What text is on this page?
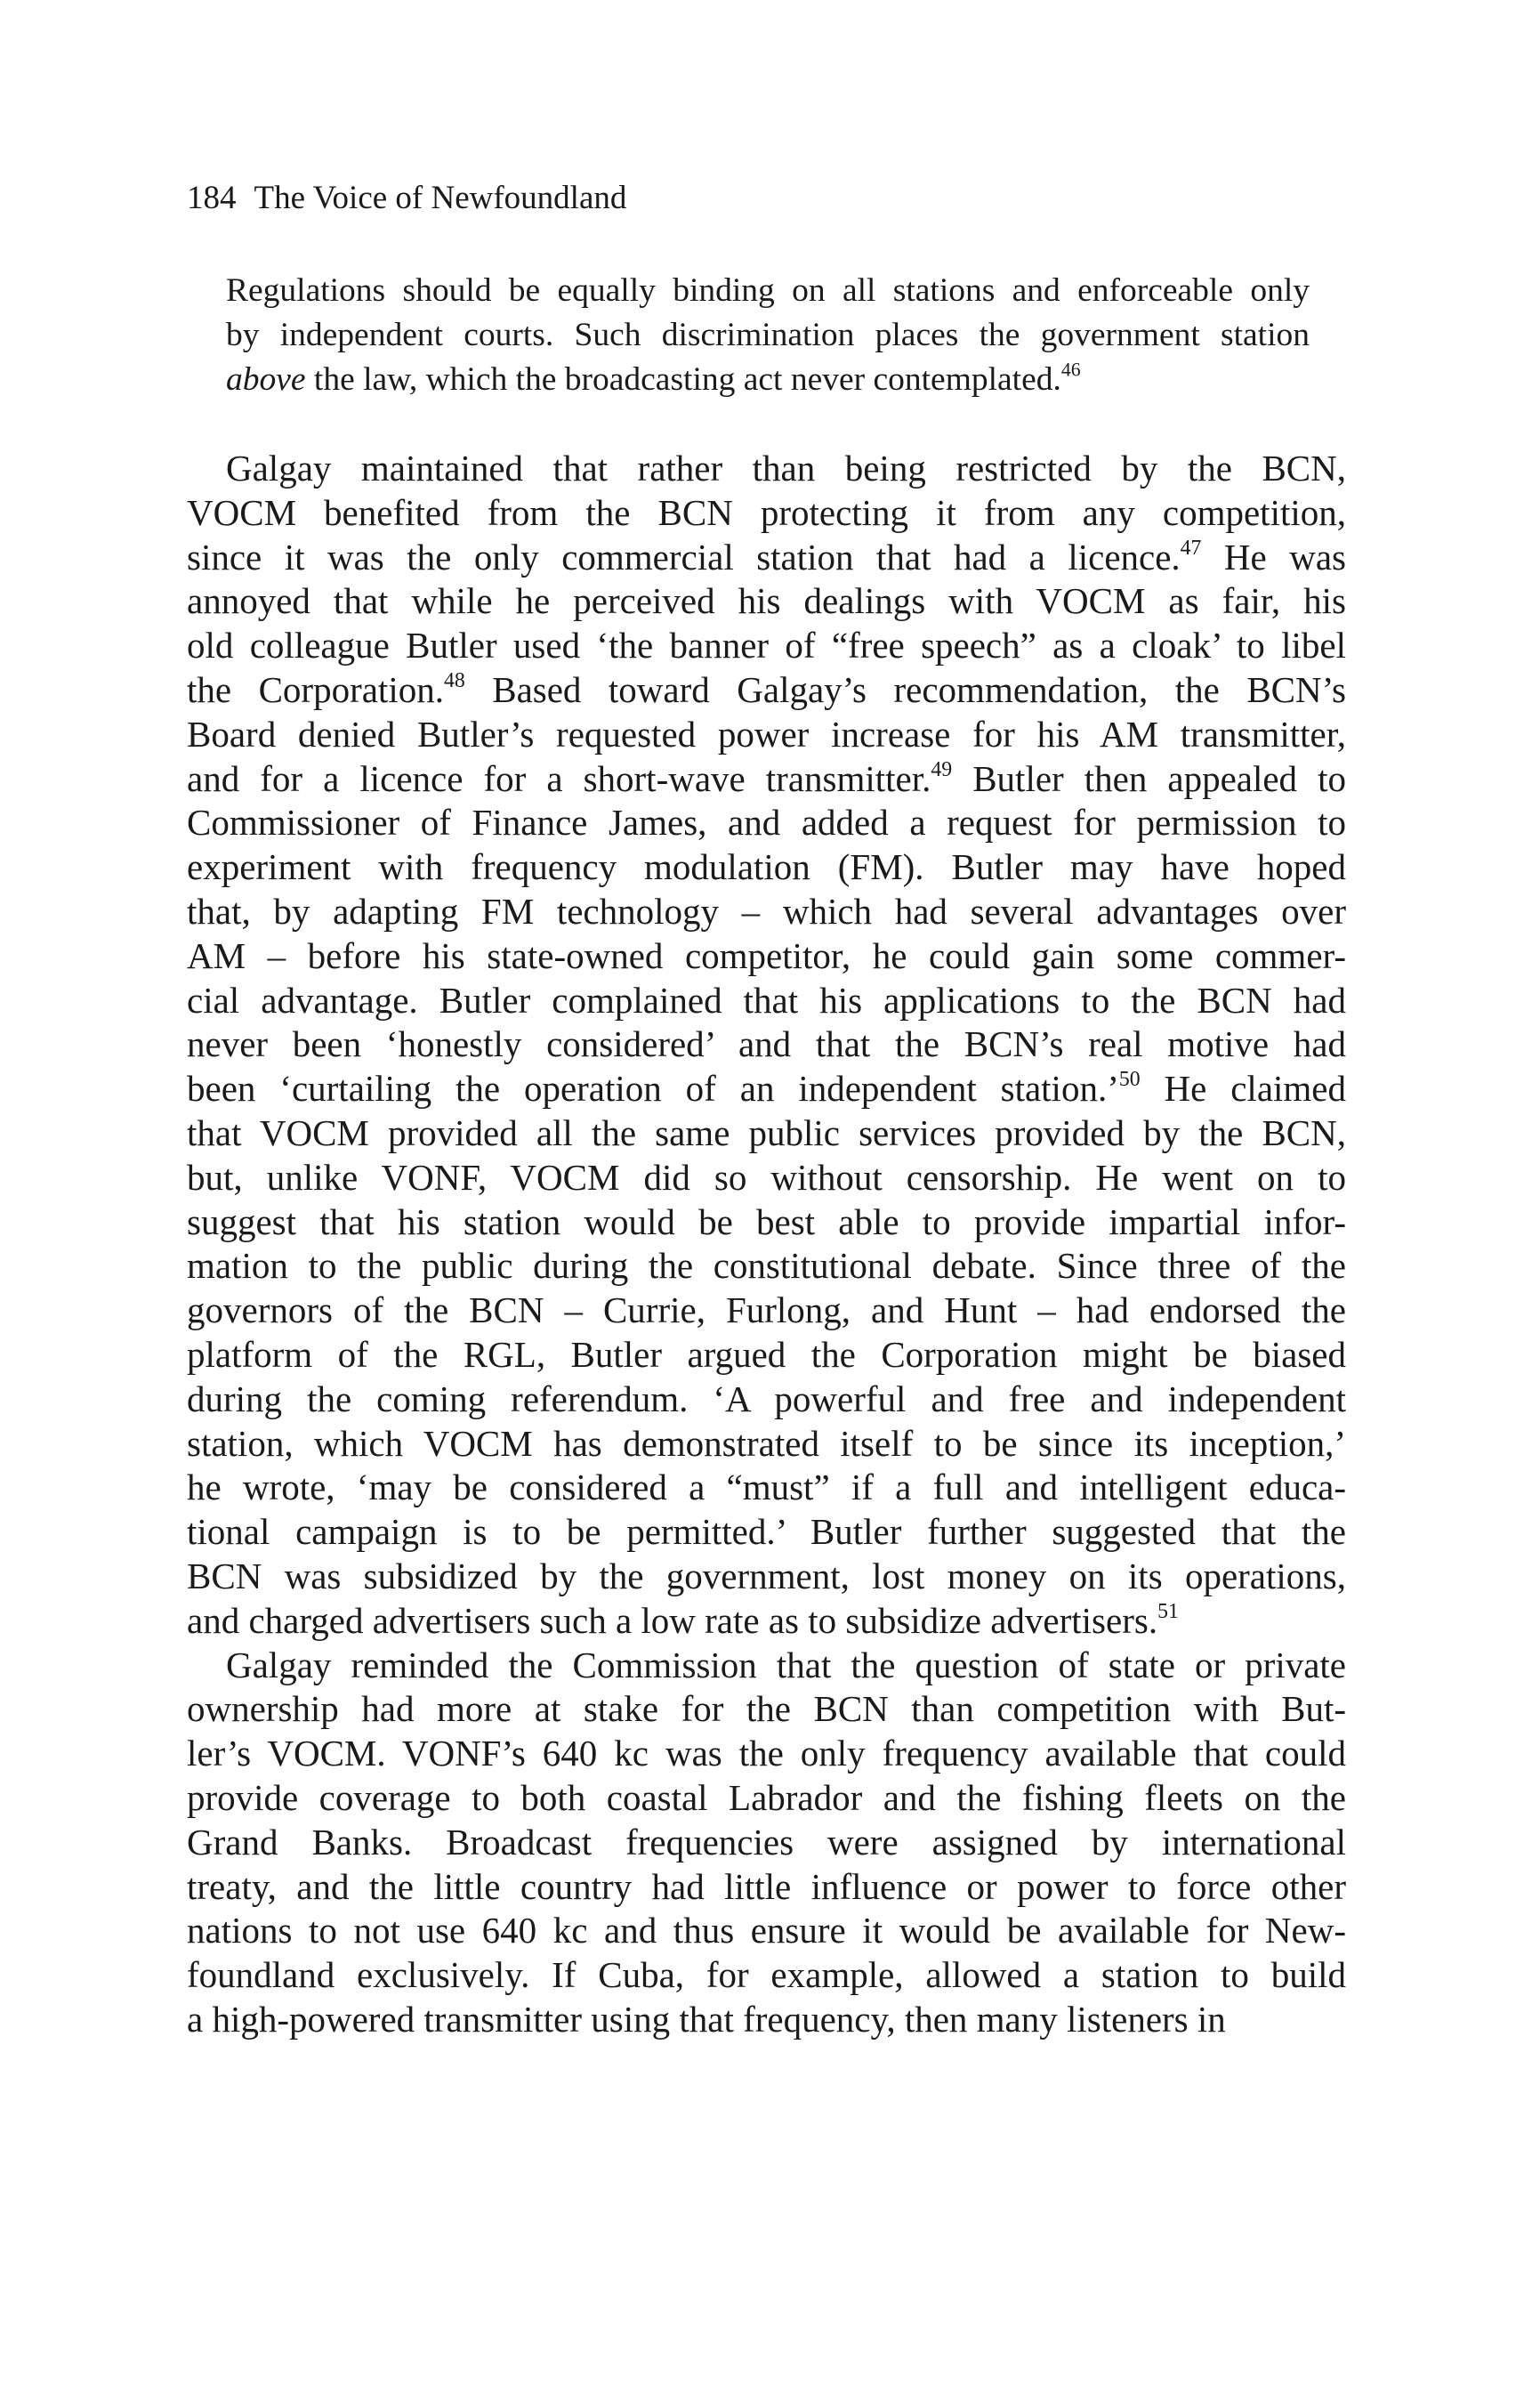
184 The Voice of Newfoundland
Regulations should be equally binding on all stations and enforceable only
by independent courts. Such discrimination places the government station
above the law, which the broadcasting act never contemplated.$^{46}$
Galgay maintained that rather than being restricted by the BCN,
VOCM benefited from the BCN protecting it from any competition,
since it was the only commercial station that had a licence.$^{47}$ He was
annoyed that while he perceived his dealings with VOCM as fair, his
old colleague Butler used ‘the banner of “free speech” as a cloak’ to libel
the Corporation.$^{48}$ Based toward Galgay’s recommendation, the BCN’s
Board denied Butler’s requested power increase for his AM transmitter,
and for a licence for a short-wave transmitter.$^{49}$ Butler then appealed to
Commissioner of Finance James, and added a request for permission to
experiment with frequency modulation (FM). Butler may have hoped
that, by adapting FM technology – which had several advantages over
AM – before his state-owned competitor, he could gain some commer-
cial advantage. Butler complained that his applications to the BCN had
never been ‘honestly considered’ and that the BCN’s real motive had
been ‘curtailing the operation of an independent station.’$^{50}$ He claimed
that VOCM provided all the same public services provided by the BCN,
but, unlike VONF, VOCM did so without censorship. He went on to
suggest that his station would be best able to provide impartial infor-
mation to the public during the constitutional debate. Since three of the
governors of the BCN – Currie, Furlong, and Hunt – had endorsed the
platform of the RGL, Butler argued the Corporation might be biased
during the coming referendum. ‘A powerful and free and independent
station, which VOCM has demonstrated itself to be since its inception,’
he wrote, ‘may be considered a “must” if a full and intelligent educa-
tional campaign is to be permitted.’ Butler further suggested that the
BCN was subsidized by the government, lost money on its operations,
and charged advertisers such a low rate as to subsidize advertisers.$^{51}$
Galgay reminded the Commission that the question of state or private
ownership had more at stake for the BCN than competition with But-
ler’s VOCM. VONF’s 640 kc was the only frequency available that could
provide coverage to both coastal Labrador and the fishing fleets on the
Grand Banks. Broadcast frequencies were assigned by international
treaty, and the little country had little influence or power to force other
nations to not use 640 kc and thus ensure it would be available for New-
foundland exclusively. If Cuba, for example, allowed a station to build
a high-powered transmitter using that frequency, then many listeners in
